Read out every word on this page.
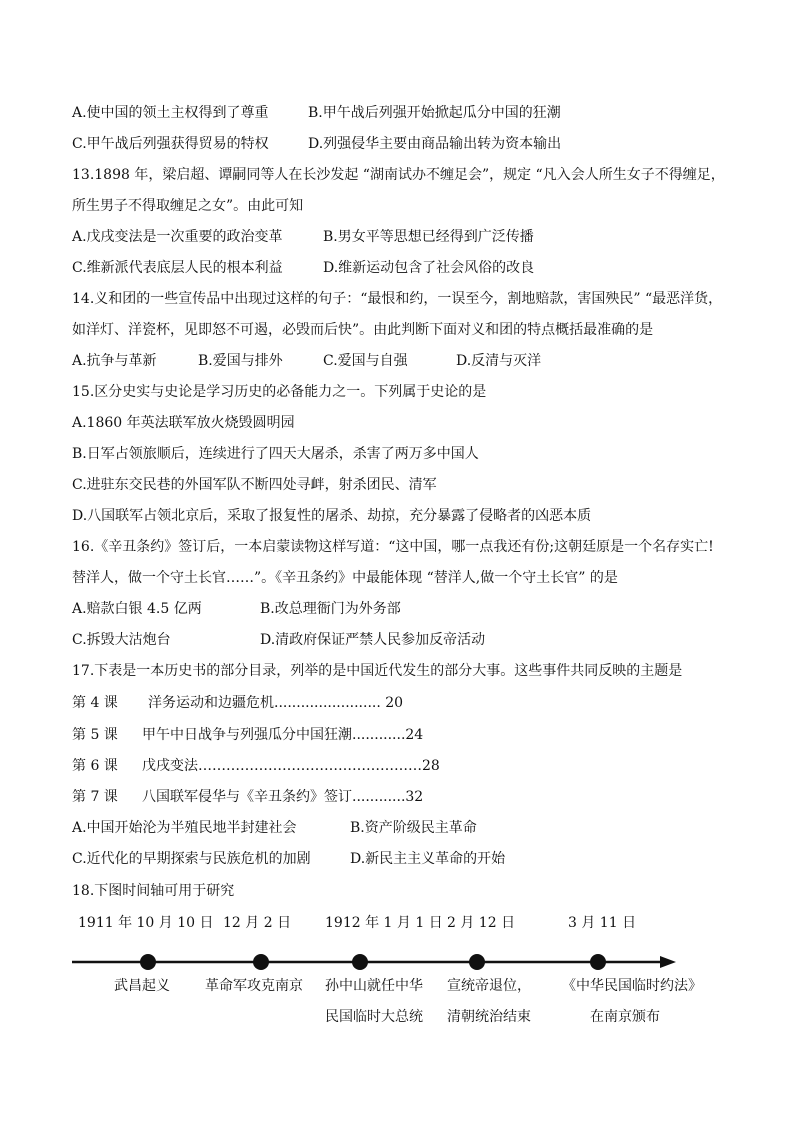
A.使中国的领土主权得到了尊重	B.甲午战后列强开始掀起瓜分中国的狂潮
C.甲午战后列强获得贸易的特权	D.列强侵华主要由商品输出转为资本输出
13.1898 年，梁启超、谭嗣同等人在长沙发起 “湖南试办不缠足会”，规定 “凡入会人所生女子不得缠足，
所生男子不得取缠足之女”。由此可知
A.戊戌变法是一次重要的政治变革	B.男女平等思想已经得到广泛传播
C.维新派代表底层人民的根本利益	D.维新运动包含了社会风俗的改良
14.义和团的一些宣传品中出现过这样的句子：“最恨和约，一误至今，割地赔款，害国殃民” “最恶洋货，
如洋灯、洋瓷杯，见即怒不可遏，必毁而后快”。由此判断下面对义和团的特点概括最准确的是
A.抗争与革新	B.爱国与排外	C.爱国与自强	D.反清与灭洋
15.区分史实与史论是学习历史的必备能力之一。下列属于史论的是
A.1860 年英法联军放火烧毁圆明园
B.日军占领旅顺后，连续进行了四天大屠杀，杀害了两万多中国人
C.进驻东交民巷的外国军队不断四处寻衅，射杀团民、清军
D.八国联军占领北京后，采取了报复性的屠杀、劫掠，充分暴露了侵略者的凶恶本质
16.《辛丑条约》签订后，一本启蒙读物这样写道：“这中国，哪一点我还有份;这朝廷原是一个名存实亡!
替洋人，做一个守土长官……”。《辛丑条约》中最能体现 “替洋人,做一个守土长官” 的是
A.赔款白银 4.5 亿两	B.改总理衙门为外务部
C.拆毁大沽炮台	D.清政府保证严禁人民参加反帝活动
17.下表是一本历史书的部分目录，列举的是中国近代发生的部分大事。这些事件共同反映的主题是
第 4 课 洋务运动和边疆危机........................ 20
第 5 课 甲午中日战争与列强瓜分中国狂潮............24
第 6 课 戊戌变法…………………………………………28
第 7 课 八国联军侵华与《辛丑条约》签订............32
A.中国开始沦为半殖民地半封建社会	B.资产阶级民主革命
C.近代化的早期探索与民族危机的加剧	D.新民主主义革命的开始
18.下图时间轴可用于研究
1911 年 10 月 10 日 12 月 2 日 1912 年 1 月 1 日 2 月 12 日	3 月 11 日
武昌起义	革命军攻克南京 孙中山就任中华
民国临时大总统
宣统帝退位，
清朝统治结束
《中华民国临时约法》
在南京颁布
